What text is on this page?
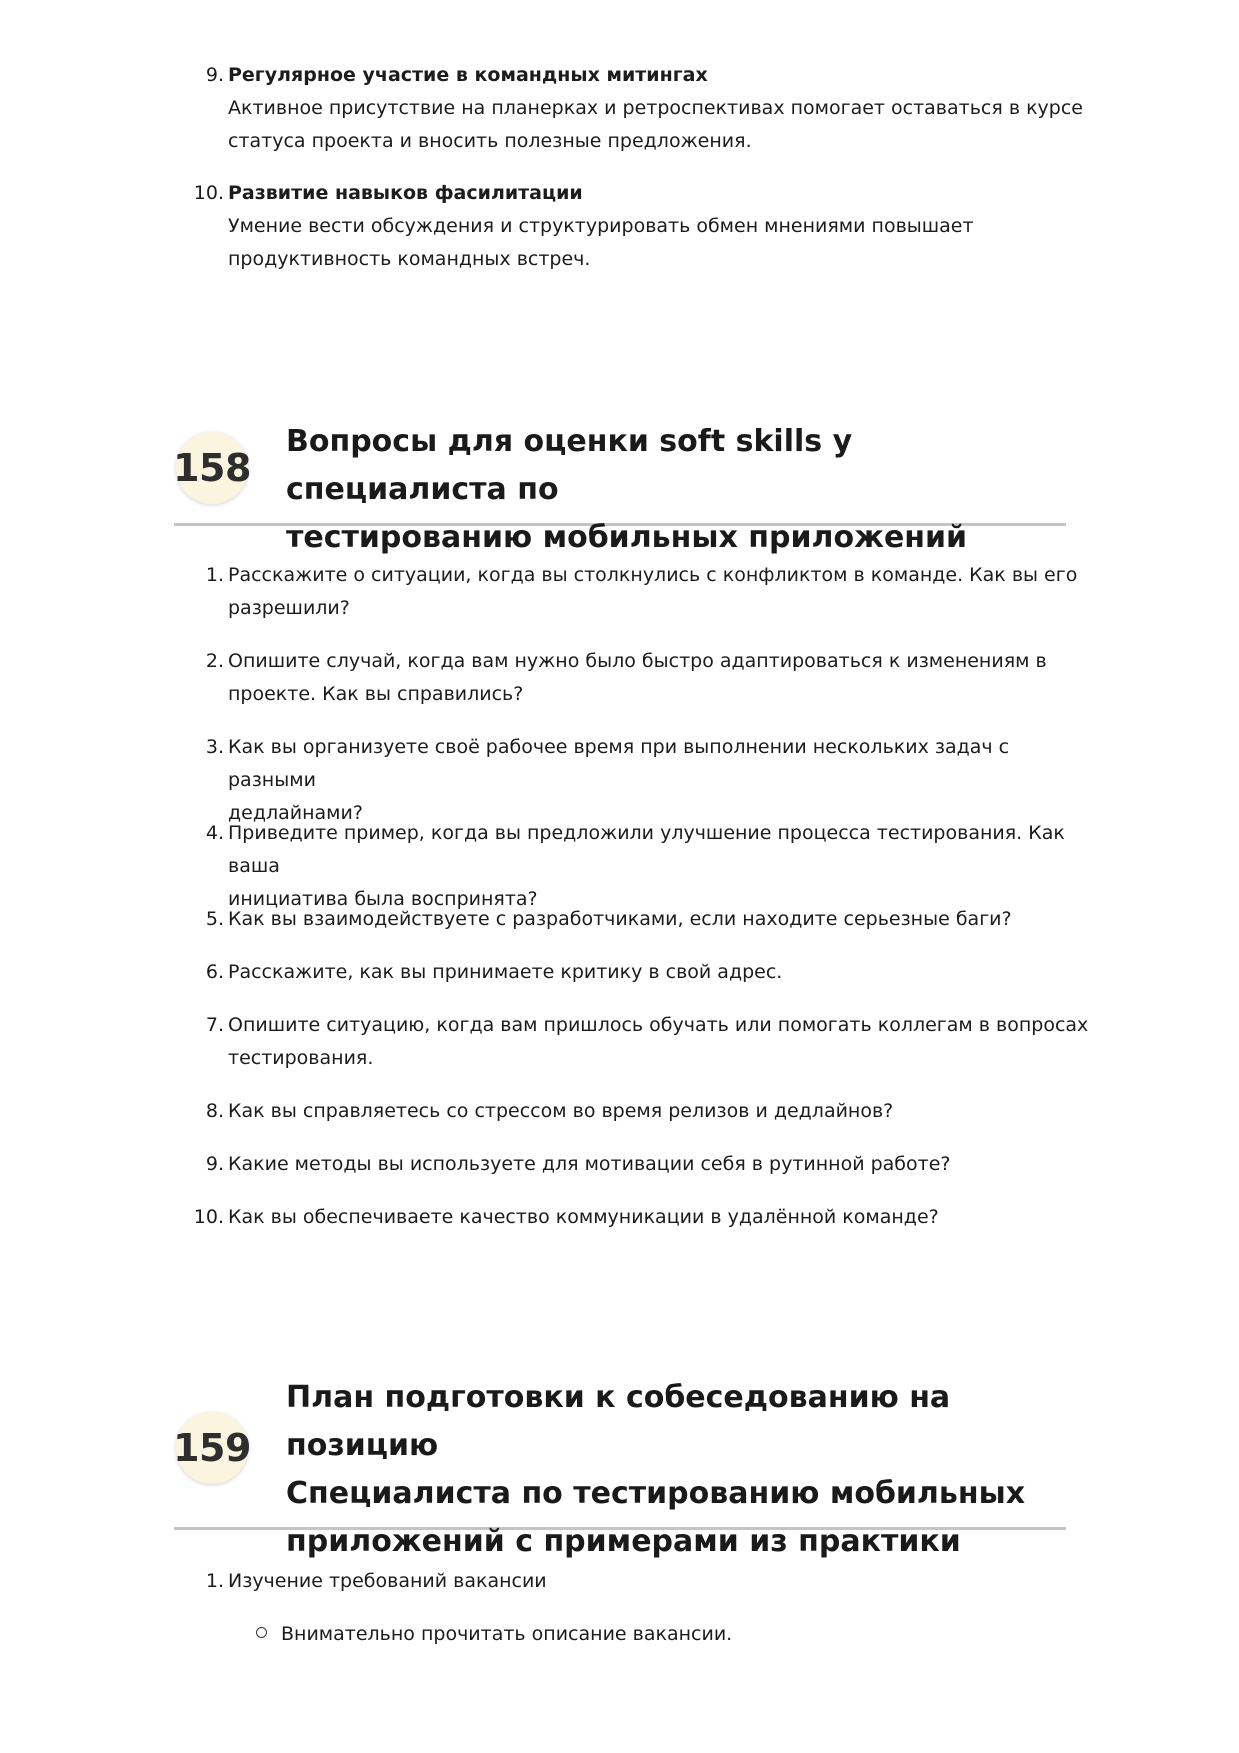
9. Регулярное участие в командных митингах
Активное присутствие на планерках и ретроспективах помогает оставаться в курсе
статуса проекта и вносить полезные предложения.
10. Развитие навыков фасилитации
Умение вести обсуждения и структурировать обмен мнениями повышает
продуктивность командных встреч.
158
Вопросы для оценки soft skills у специалиста по
тестированию мобильных приложений
1. Расскажите о ситуации, когда вы столкнулись с конфликтом в команде. Как вы его
разрешили?
2. Опишите случай, когда вам нужно было быстро адаптироваться к изменениям в
проекте. Как вы справились?
3. Как вы организуете своё рабочее время при выполнении нескольких задач с разными
дедлайнами?
4. Приведите пример, когда вы предложили улучшение процесса тестирования. Как ваша
инициатива была воспринята?
5. Как вы взаимодействуете с разработчиками, если находите серьезные баги?
6. Расскажите, как вы принимаете критику в свой адрес.
7. Опишите ситуацию, когда вам пришлось обучать или помогать коллегам в вопросах
тестирования.
8. Как вы справляетесь со стрессом во время релизов и дедлайнов?
9. Какие методы вы используете для мотивации себя в рутинной работе?
10. Как вы обеспечиваете качество коммуникации в удалённой команде?
159
План подготовки к собеседованию на позицию
Специалиста по тестированию мобильных
приложений с примерами из практики
1. Изучение требований вакансии
Внимательно прочитать описание вакансии.
